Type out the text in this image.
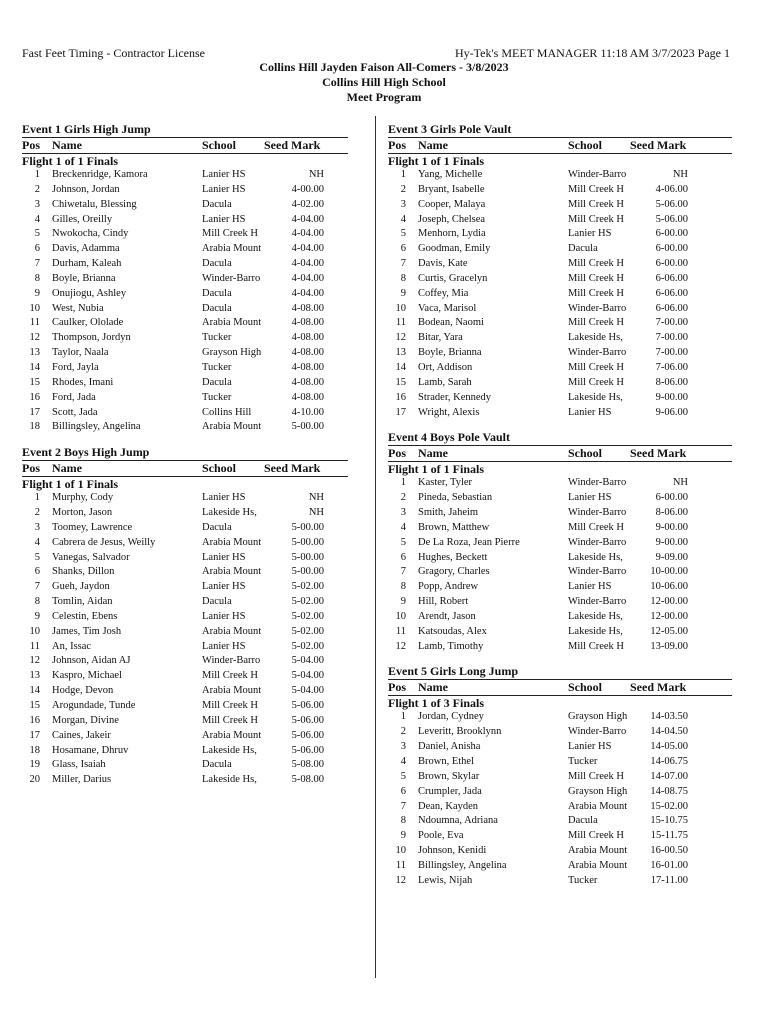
Fast Feet Timing - Contractor License	Hy-Tek's MEET MANAGER 11:18 AM 3/7/2023 Page 1
Collins Hill Jayden Faison All-Comers - 3/8/2023
Collins Hill High School
Meet Program
Event 1 Girls High Jump
Pos Name	School Seed Mark
Flight 1 of 1 Finals
1 Breckenridge, Kamora	Lanier HS	NH
2 Johnson, Jordan	Lanier HS	4-00.00
3 Chiwetalu, Blessing	Dacula	4-02.00
4 Gilles, Oreilly	Lanier HS	4-04.00
5 Nwokocha, Cindy	Mill Creek H	4-04.00
6 Davis, Adamma	Arabia Mount	4-04.00
7 Durham, Kaleah	Dacula	4-04.00
8 Boyle, Brianna	Winder-Barro	4-04.00
9 Onujiogu, Ashley	Dacula	4-04.00
10 West, Nubia	Dacula	4-08.00
11 Caulker, Ololade	Arabia Mount	4-08.00
12 Thompson, Jordyn	Tucker	4-08.00
13 Taylor, Naala	Grayson High	4-08.00
14 Ford, Jayla	Tucker	4-08.00
15 Rhodes, Imani	Dacula	4-08.00
16 Ford, Jada	Tucker	4-08.00
17 Scott, Jada	Collins Hill	4-10.00
18 Billingsley, Angelina	Arabia Mount	5-00.00
Event 2 Boys High Jump
Pos Name	School Seed Mark
Flight 1 of 1 Finals
1 Murphy, Cody	Lanier HS	NH
2 Morton, Jason	Lakeside Hs,	NH
3 Toomey, Lawrence	Dacula	5-00.00
4 Cabrera de Jesus, Weilly	Arabia Mount	5-00.00
5 Vanegas, Salvador	Lanier HS	5-00.00
6 Shanks, Dillon	Arabia Mount	5-00.00
7 Gueh, Jaydon	Lanier HS	5-02.00
8 Tomlin, Aidan	Dacula	5-02.00
9 Celestin, Ebens	Lanier HS	5-02.00
10 James, Tim Josh	Arabia Mount	5-02.00
11 An, Issac	Lanier HS	5-02.00
12 Johnson, Aidan AJ	Winder-Barro	5-04.00
13 Kaspro, Michael	Mill Creek H	5-04.00
14 Hodge, Devon	Arabia Mount	5-04.00
15 Arogundade, Tunde	Mill Creek H	5-06.00
16 Morgan, Divine	Mill Creek H	5-06.00
17 Caines, Jakeir	Arabia Mount	5-06.00
18 Hosamane, Dhruv	Lakeside Hs,	5-06.00
19 Glass, Isaiah	Dacula	5-08.00
20 Miller, Darius	Lakeside Hs,	5-08.00
Event 3 Girls Pole Vault
Pos Name	School Seed Mark
Flight 1 of 1 Finals
1 Yang, Michelle	Winder-Barro	NH
2 Bryant, Isabelle	Mill Creek H	4-06.00
3 Cooper, Malaya	Mill Creek H	5-06.00
4 Joseph, Chelsea	Mill Creek H	5-06.00
5 Menhorn, Lydia	Lanier HS	6-00.00
6 Goodman, Emily	Dacula	6-00.00
7 Davis, Kate	Mill Creek H	6-00.00
8 Curtis, Gracelyn	Mill Creek H	6-06.00
9 Coffey, Mia	Mill Creek H	6-06.00
10 Vaca, Marisol	Winder-Barro	6-06.00
11 Bodean, Naomi	Mill Creek H	7-00.00
12 Bitar, Yara	Lakeside Hs,	7-00.00
13 Boyle, Brianna	Winder-Barro	7-00.00
14 Ort, Addison	Mill Creek H	7-06.00
15 Lamb, Sarah	Mill Creek H	8-06.00
16 Strader, Kennedy	Lakeside Hs,	9-00.00
17 Wright, Alexis	Lanier HS	9-06.00
Event 4 Boys Pole Vault
Pos Name	School Seed Mark
Flight 1 of 1 Finals
1 Kaster, Tyler	Winder-Barro	NH
2 Pineda, Sebastian	Lanier HS	6-00.00
3 Smith, Jaheim	Winder-Barro	8-06.00
4 Brown, Matthew	Mill Creek H	9-00.00
5 De La Roza, Jean Pierre	Winder-Barro	9-00.00
6 Hughes, Beckett	Lakeside Hs,	9-09.00
7 Gragory, Charles	Winder-Barro	10-00.00
8 Popp, Andrew	Lanier HS	10-06.00
9 Hill, Robert	Winder-Barro	12-00.00
10 Arendt, Jason	Lakeside Hs,	12-00.00
11 Katsoudas, Alex	Lakeside Hs,	12-05.00
12 Lamb, Timothy	Mill Creek H	13-09.00
Event 5 Girls Long Jump
Pos Name	School Seed Mark
Flight 1 of 3 Finals
1 Jordan, Cydney	Grayson High	14-03.50
2 Leveritt, Brooklynn	Winder-Barro	14-04.50
3 Daniel, Anisha	Lanier HS	14-05.00
4 Brown, Ethel	Tucker	14-06.75
5 Brown, Skylar	Mill Creek H	14-07.00
6 Crumpler, Jada	Grayson High	14-08.75
7 Dean, Kayden	Arabia Mount	15-02.00
8 Ndoumna, Adriana	Dacula	15-10.75
9 Poole, Eva	Mill Creek H	15-11.75
10 Johnson, Kenidi	Arabia Mount	16-00.50
11 Billingsley, Angelina	Arabia Mount	16-01.00
12 Lewis, Nijah	Tucker	17-11.00
